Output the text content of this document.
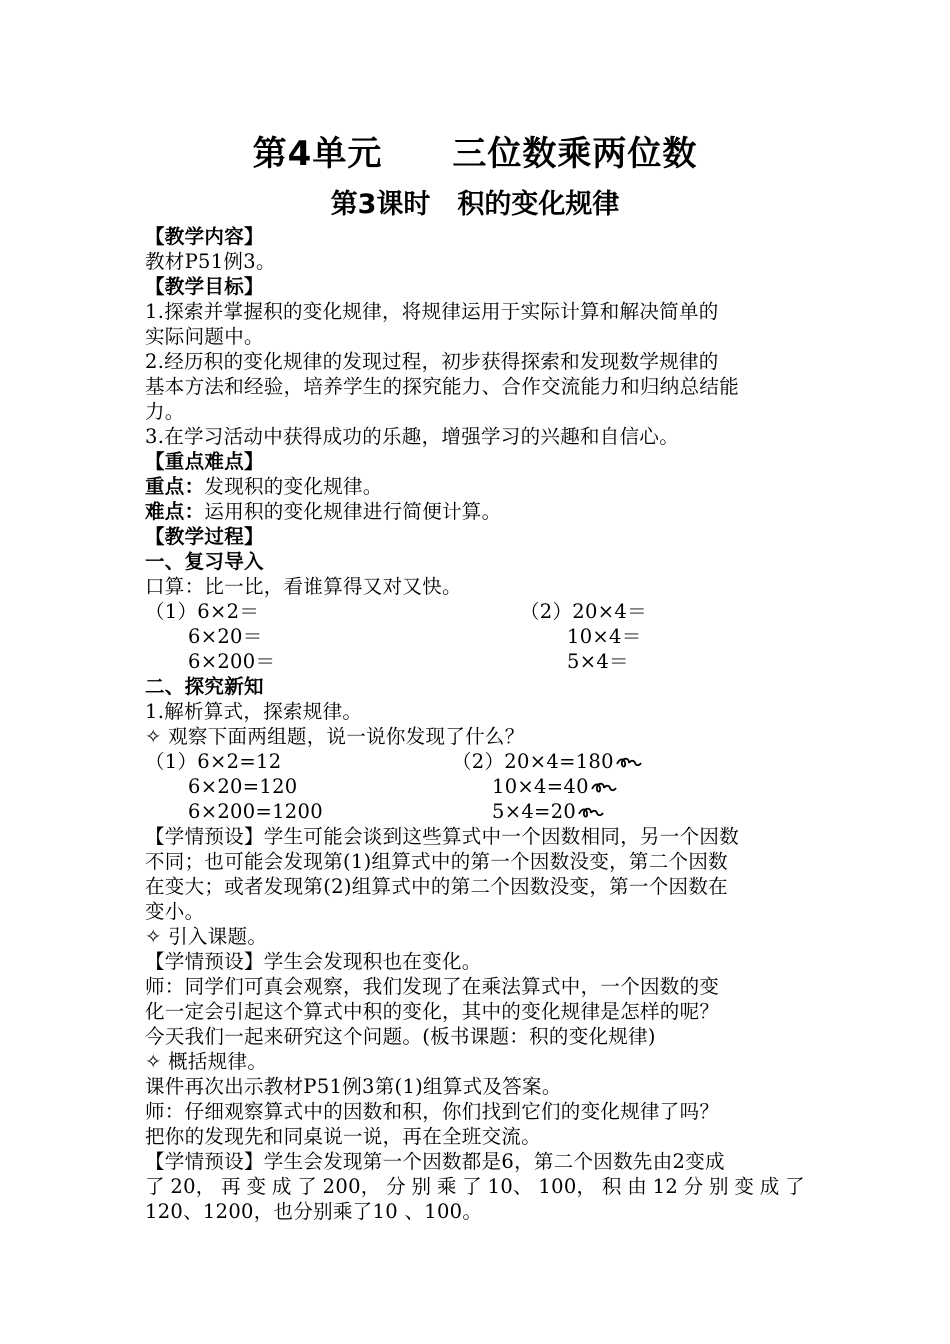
第4单元　　三位数乘两位数
第3课时　积的变化规律
【教学内容】
教材P51例3。
【教学目标】
1.探索并掌握积的变化规律，将规律运用于实际计算和解决简单的
实际问题中。
2.经历积的变化规律的发现过程，初步获得探索和发现数学规律的
基本方法和经验，培养学生的探究能力、合作交流能力和归纳总结能
力。
3.在学习活动中获得成功的乐趣，增强学习的兴趣和自信心。
【重点难点】
重点：发现积的变化规律。
难点：运用积的变化规律进行简便计算。
【教学过程】
一、复习导入
口算：比一比，看谁算得又对又快。
（1）6×2＝
6×20＝
6×200＝
（2）20×4＝
10×4＝
5×4＝
二、探究新知
1.解析算式，探索规律。
✧ 观察下面两组题，说一说你发现了什么？
（1）6×2=12
6×20=120
6×200=1200
（2）20×4=180
10×4=40
5×4=20
【学情预设】学生可能会谈到这些算式中一个因数相同，另一个因数
不同；也可能会发现第(1)组算式中的第一个因数没变，第二个因数
在变大；或者发现第(2)组算式中的第二个因数没变，第一个因数在
变小。
✧ 引入课题。
【学情预设】学生会发现积也在变化。
师：同学们可真会观察，我们发现了在乘法算式中，一个因数的变
化一定会引起这个算式中积的变化，其中的变化规律是怎样的呢？
今天我们一起来研究这个问题。(板书课题：积的变化规律)
✧ 概括规律。
课件再次出示教材P51例3第(1)组算式及答案。
师：仔细观察算式中的因数和积，你们找到它们的变化规律了吗？
把你的发现先和同桌说一说，再在全班交流。
【学情预设】学生会发现第一个因数都是6，第二个因数先由2变成
了 20， 再 变 成 了 200， 分 别 乘 了 10、 100， 积 由 12 分 别 变 成 了
120、1200，也分别乘了10 、100。
